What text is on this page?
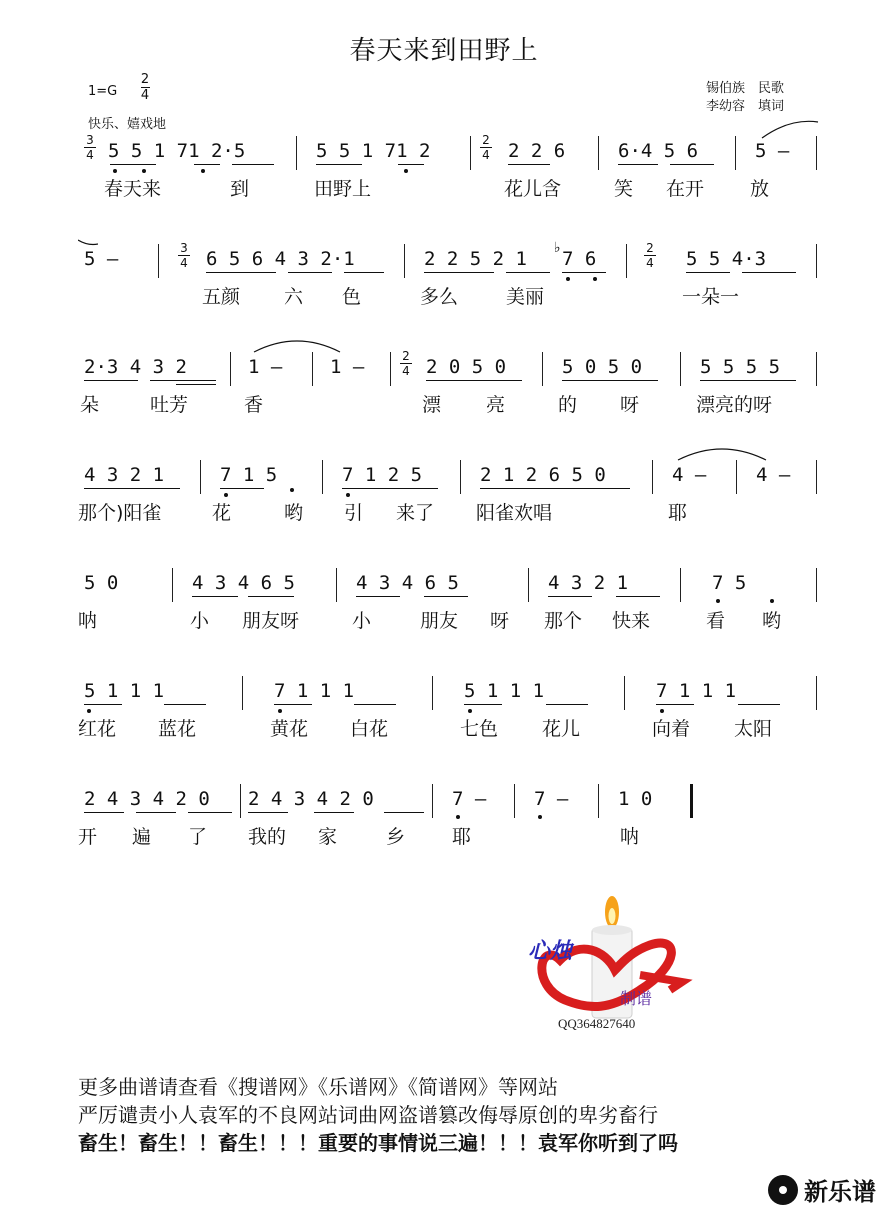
春天来到田野上
1=G
2
4
快乐、嬉戏地
锡伯族　民歌
李幼容　填词
3
4 5 5 1 71 2·5	5 5 1 71 2	2
4 2 2 6	6·4 5 6	5 –
春天来	到	田野上	花儿含	笑 在开 放
5 –	3
4 6 5 6 4 3 2·1	2 2 5 2 1 ♭ 7 6	2
4 5 5 4·3
五颜 六 色	多么	美丽	一朵一
2·3 4 3 2	1 –	1 –	2
4 2 0 5 0	5 0 5 0	5 5 5 5
朵	吐芳	香	漂 亮	的 呀	漂亮的呀
4 3 2 1	7 1 5	7 1 2 5	2 1 2 6 5 0	4 –	4 –
那个)阳雀	花	哟 引 来了 阳雀欢唱	耶
5 0	4 3 4 6 5	4 3 4 6 5	4 3 2 1	7 5
呐	小 朋友呀	小	朋友 呀 那个 快来	看 哟
5 1 1 1	7 1 1 1	5 1 1 1	7 1 1 1
红花 蓝花	黄花 白花	七色 花儿	向着 太阳
2 4 3 4 2 0 2 4 3 4 2 0	7 –	7 –	1 0
开 遍 了 我的 家	乡 耶	呐
心烛
制谱
QQ364827640
更多曲谱请查看《搜谱网》《乐谱网》《简谱网》等网站
严厉谴责小人袁军的不良网站词曲网盗谱篡改侮辱原创的卑劣畜行
畜生！畜生！！畜生！！！重要的事情说三遍！！！袁军你听到了吗
新乐谱
